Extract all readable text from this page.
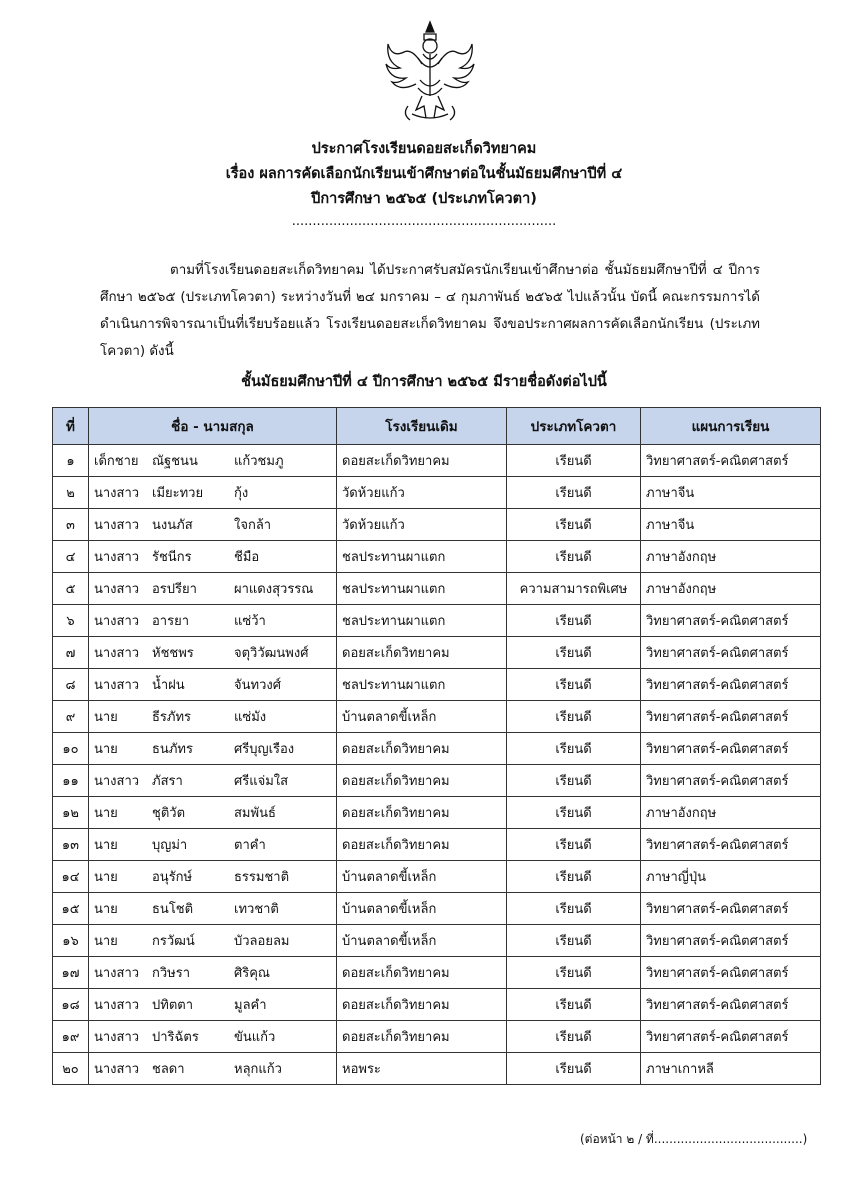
ประกาศโรงเรียนดอยสะเก็ดวิทยาคม
เรื่อง ผลการคัดเลือกนักเรียนเข้าศึกษาต่อในชั้นมัธยมศึกษาปีที่ ๔
ปีการศึกษา ๒๕๖๕ (ประเภทโควตา)
................................................................

ตามที่โรงเรียนดอยสะเก็ดวิทยาคม ได้ประกาศรับสมัครนักเรียนเข้าศึกษาต่อ ชั้นมัธยมศึกษาปีที่ ๔ ปีการศึกษา ๒๕๖๕ (ประเภทโควตา) ระหว่างวันที่ ๒๔ มกราคม – ๔ กุมภาพันธ์ ๒๕๖๕ ไปแล้วนั้น บัดนี้ คณะกรรมการได้ดำเนินการพิจารณาเป็นที่เรียบร้อยแล้ว โรงเรียนดอยสะเก็ดวิทยาคม จึงขอประกาศผลการคัดเลือกนักเรียน (ประเภทโควตา) ดังนี้

ชั้นมัธยมศึกษาปีที่ ๔ ปีการศึกษา ๒๕๖๕ มีรายชื่อดังต่อไปนี้
ที่	ชื่อ - นามสกุล	โรงเรียนเดิม	ประเภทโควตา	แผนการเรียน
๑	เด็กชาย ณัฐชนน แก้วชมภู	ดอยสะเก็ดวิทยาคม	เรียนดี	วิทยาศาสตร์-คณิตศาสตร์
๒	นางสาว เมียะทวย กุ้ง	วัดห้วยแก้ว	เรียนดี	ภาษาจีน
๓	นางสาว นงนภัส ใจกล้า	วัดห้วยแก้ว	เรียนดี	ภาษาจีน
๔	นางสาว รัชนีกร ชีมือ	ชลประทานผาแตก	เรียนดี	ภาษาอังกฤษ
๕	นางสาว อรปรียา ผาแดงสุวรรณ	ชลประทานผาแตก	ความสามารถพิเศษ	ภาษาอังกฤษ
๖	นางสาว อารยา แซ่ว้า	ชลประทานผาแตก	เรียนดี	วิทยาศาสตร์-คณิตศาสตร์
๗	นางสาว หัชชพร จตุวิวัฒนพงศ์	ดอยสะเก็ดวิทยาคม	เรียนดี	วิทยาศาสตร์-คณิตศาสตร์
๘	นางสาว น้ำฝน จันทวงศ์	ชลประทานผาแตก	เรียนดี	วิทยาศาสตร์-คณิตศาสตร์
๙	นาย ธีรภัทร แซ่มัง	บ้านตลาดขี้เหล็ก	เรียนดี	วิทยาศาสตร์-คณิตศาสตร์
๑๐	นาย ธนภัทร ศรีบุญเรือง	ดอยสะเก็ดวิทยาคม	เรียนดี	วิทยาศาสตร์-คณิตศาสตร์
๑๑	นางสาว ภัสรา ศรีแจ่มใส	ดอยสะเก็ดวิทยาคม	เรียนดี	วิทยาศาสตร์-คณิตศาสตร์
๑๒	นาย ชุติวัต สมพันธ์	ดอยสะเก็ดวิทยาคม	เรียนดี	ภาษาอังกฤษ
๑๓	นาย บุญม่า ตาคำ	ดอยสะเก็ดวิทยาคม	เรียนดี	วิทยาศาสตร์-คณิตศาสตร์
๑๔	นาย อนุรักษ์ ธรรมชาติ	บ้านตลาดขี้เหล็ก	เรียนดี	ภาษาญี่ปุ่น
๑๕	นาย ธนโชติ เทวชาติ	บ้านตลาดขี้เหล็ก	เรียนดี	วิทยาศาสตร์-คณิตศาสตร์
๑๖	นาย กรวัฒน์ บัวลอยลม	บ้านตลาดขี้เหล็ก	เรียนดี	วิทยาศาสตร์-คณิตศาสตร์
๑๗	นางสาว กวิษรา ศิริคุณ	ดอยสะเก็ดวิทยาคม	เรียนดี	วิทยาศาสตร์-คณิตศาสตร์
๑๘	นางสาว ปทิตตา มูลคำ	ดอยสะเก็ดวิทยาคม	เรียนดี	วิทยาศาสตร์-คณิตศาสตร์
๑๙	นางสาว ปาริฉัตร ขันแก้ว	ดอยสะเก็ดวิทยาคม	เรียนดี	วิทยาศาสตร์-คณิตศาสตร์
๒๐	นางสาว ชลดา หลุกแก้ว	หอพระ	เรียนดี	ภาษาเกาหลี
(ต่อหน้า ๒ / ที่.......................................)
